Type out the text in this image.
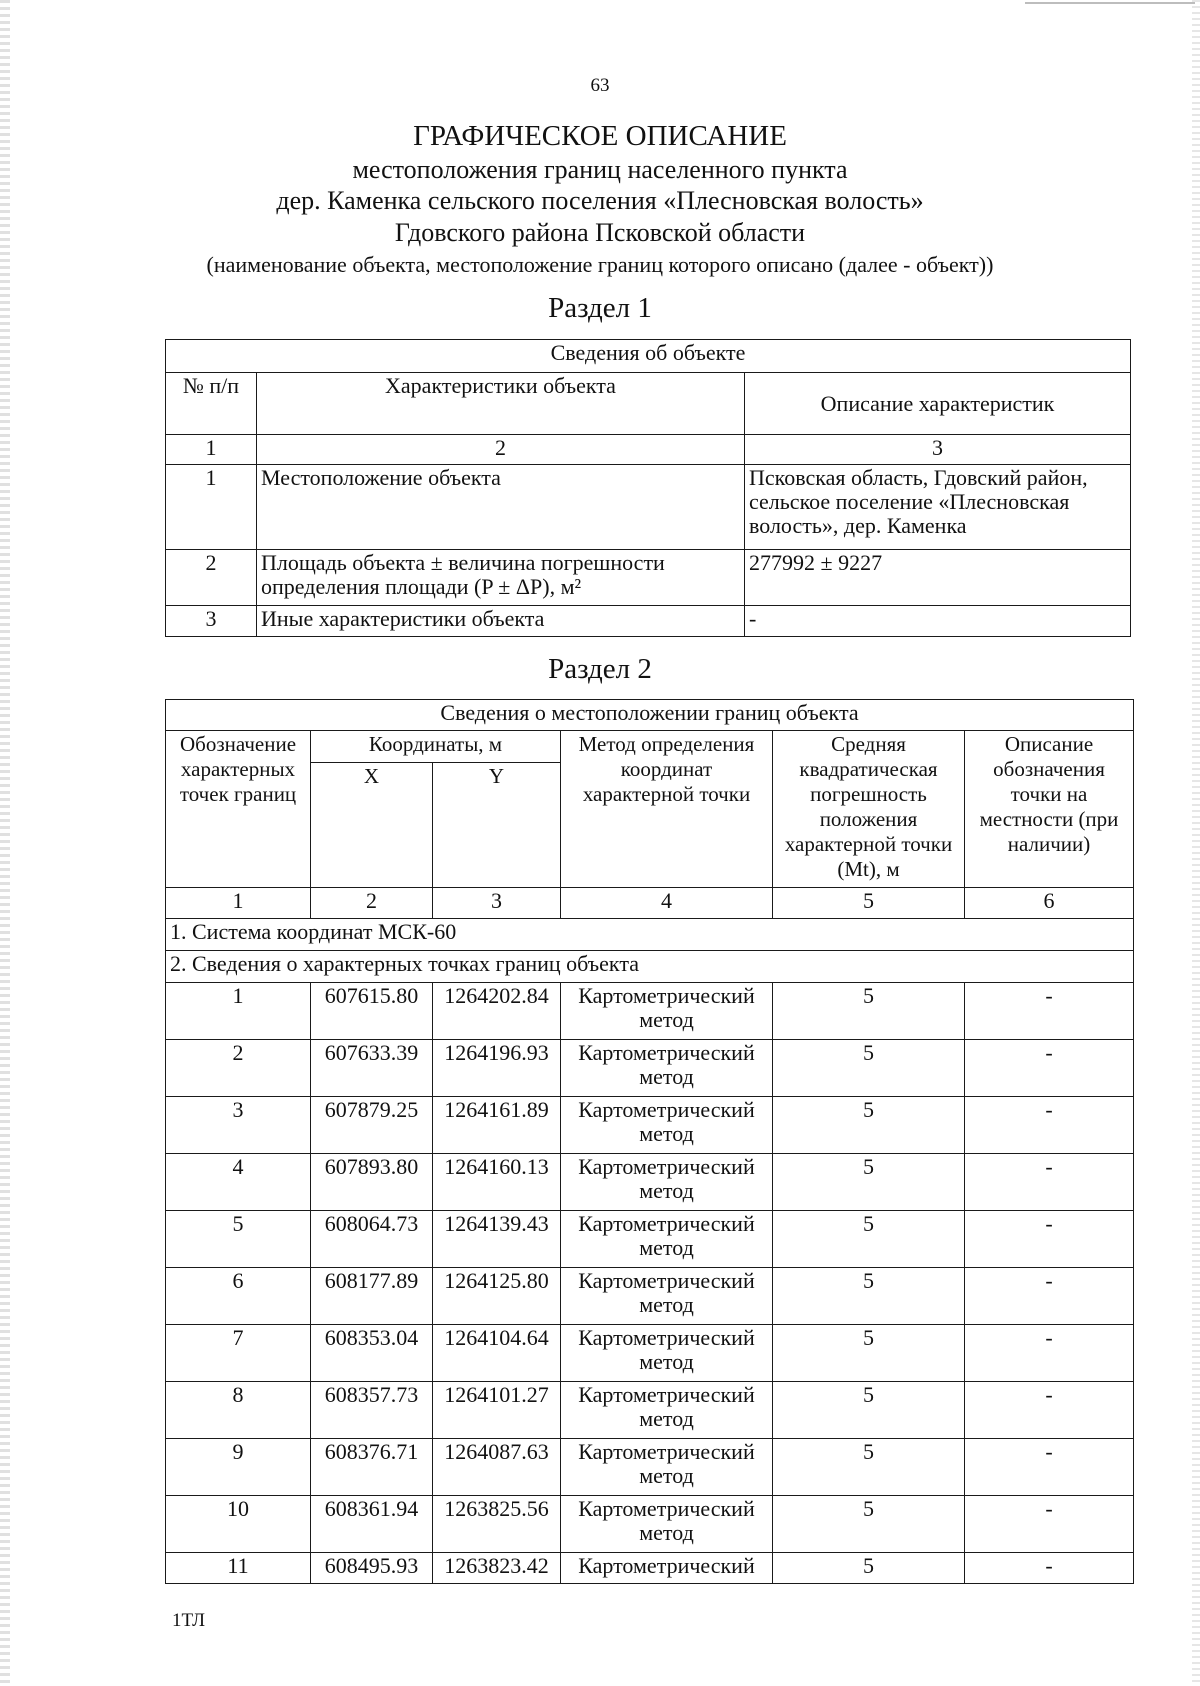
63
ГРАФИЧЕСКОЕ ОПИСАНИЕ
местоположения границ населенного пункта
дер. Каменка сельского поселения «Плесновская волость»
Гдовского района Псковской области
(наименование объекта, местоположение границ которого описано (далее - объект))
Раздел 1
Сведения об объекте		
№ п/п	Характеристики объекта	Описание характеристик
1	2	3
1	Местоположение объекта	Псковская область, Гдовский район, сельское поселение «Плесновская волость», дер. Каменка
2	Площадь объекта ± величина погрешности определения площади (P ± ΔP), м²	277992 ± 9227
3	Иные характеристики объекта	-
Раздел 2
Сведения о местоположении границ объекта					
Обозначение характерных точек границ	Координаты, м		Метод определения координат характерной точки	Средняя квадратическая погрешность положения характерной точки (Mt), м	Описание обозначения точки на местности (при наличии)
	X	Y			
1	2	3	4	5	6
1. Система координат МСК-60					
2. Сведения о характерных точках границ объекта					
1	607615.80	1264202.84	Картометрический метод	5	-
2	607633.39	1264196.93	Картометрический метод	5	-
3	607879.25	1264161.89	Картометрический метод	5	-
4	607893.80	1264160.13	Картометрический метод	5	-
5	608064.73	1264139.43	Картометрический метод	5	-
6	608177.89	1264125.80	Картометрический метод	5	-
7	608353.04	1264104.64	Картометрический метод	5	-
8	608357.73	1264101.27	Картометрический метод	5	-
9	608376.71	1264087.63	Картометрический метод	5	-
10	608361.94	1263825.56	Картометрический метод	5	-
11	608495.93	1263823.42	Картометрический	5	-
1ТЛ
